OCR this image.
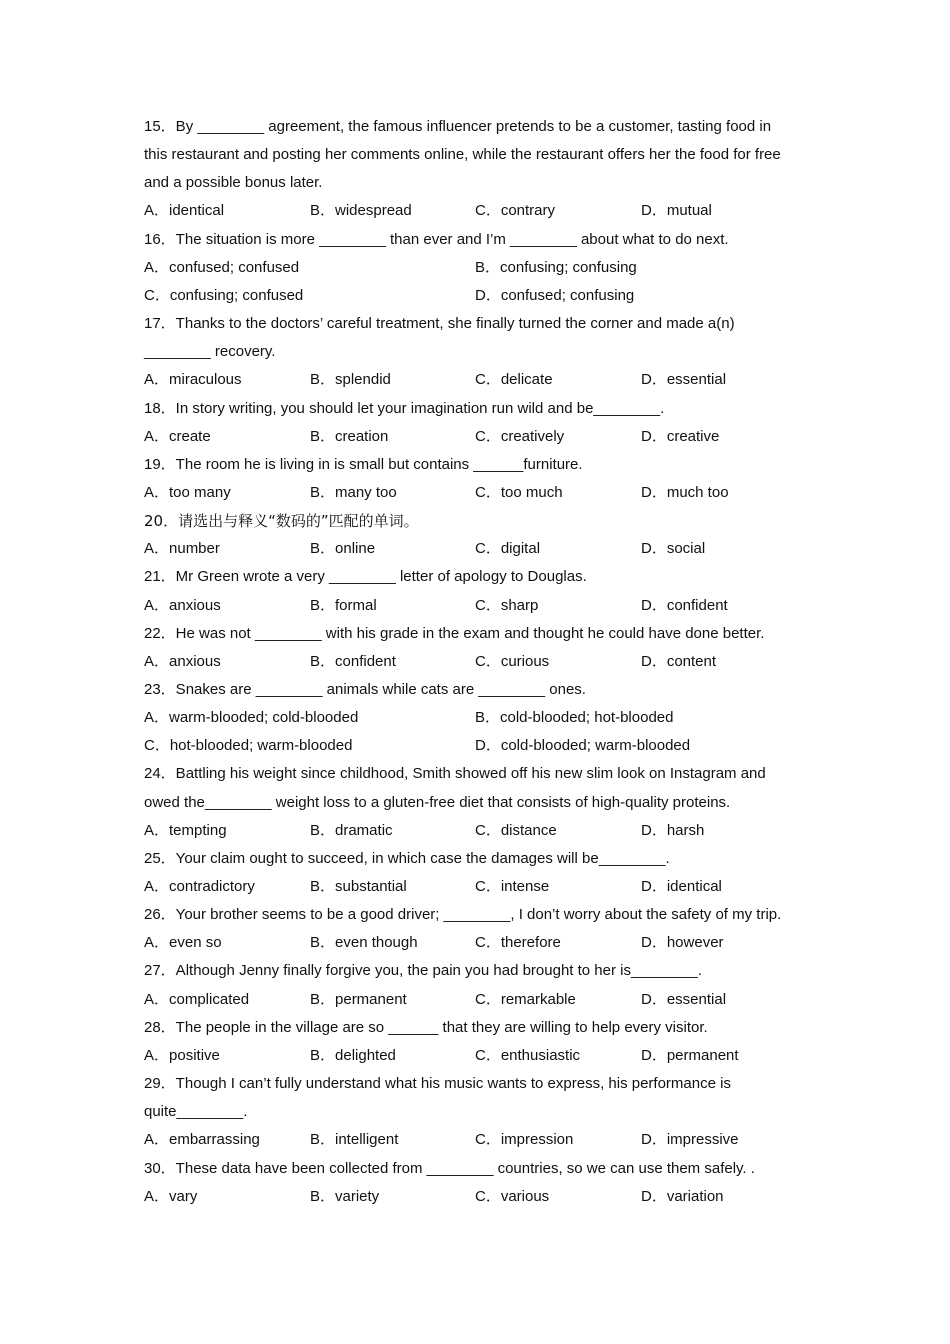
15．By ________ agreement, the famous influencer pretends to be a customer, tasting food in
this restaurant and posting her comments online, while the restaurant offers her the food for free
and a possible bonus later.
A．identical	B．widespread	C．contrary	D．mutual
16．The situation is more ________ than ever and I’m ________ about what to do next.
A．confused; confused	B．confusing; confusing
C．confusing; confused	D．confused; confusing
17．Thanks to the doctors’ careful treatment, she finally turned the corner and made a(n)
________ recovery.
A．miraculous	B．splendid	C．delicate	D．essential
18．In story writing, you should let your imagination run wild and be________.
A．create	B．creation	C．creatively	D．creative
19．The room he is living in is small but contains ______furniture.
A．too many	B．many too	C．too much	D．much too
20．请选出与释义“数码的”匹配的单词。
A．number	B．online	C．digital	D．social
21．Mr Green wrote a very ________ letter of apology to Douglas.
A．anxious	B．formal	C．sharp	D．confident
22．He was not ________ with his grade in the exam and thought he could have done better.
A．anxious	B．confident	C．curious	D．content
23．Snakes are ________ animals while cats are ________ ones.
A．warm-blooded; cold-blooded	B．cold-blooded; hot-blooded
C．hot-blooded; warm-blooded	D．cold-blooded; warm-blooded
24．Battling his weight since childhood, Smith showed off his new slim look on Instagram and
owed the________ weight loss to a gluten-free diet that consists of high-quality proteins.
A．tempting	B．dramatic	C．distance	D．harsh
25．Your claim ought to succeed, in which case the damages will be________.
A．contradictory	B．substantial	C．intense	D．identical
26．Your brother seems to be a good driver; ________, I don’t worry about the safety of my trip.
A．even so	B．even though	C．therefore	D．however
27．Although Jenny finally forgive you, the pain you had brought to her is________.
A．complicated	B．permanent	C．remarkable	D．essential
28．The people in the village are so ______ that they are willing to help every visitor.
A．positive	B．delighted	C．enthusiastic	D．permanent
29．Though I can’t fully understand what his music wants to express, his performance is
quite________.
A．embarrassing	B．intelligent	C．impression	D．impressive
30．These data have been collected from ________ countries, so we can use them safely. .
A．vary	B．variety	C．various	D．variation
